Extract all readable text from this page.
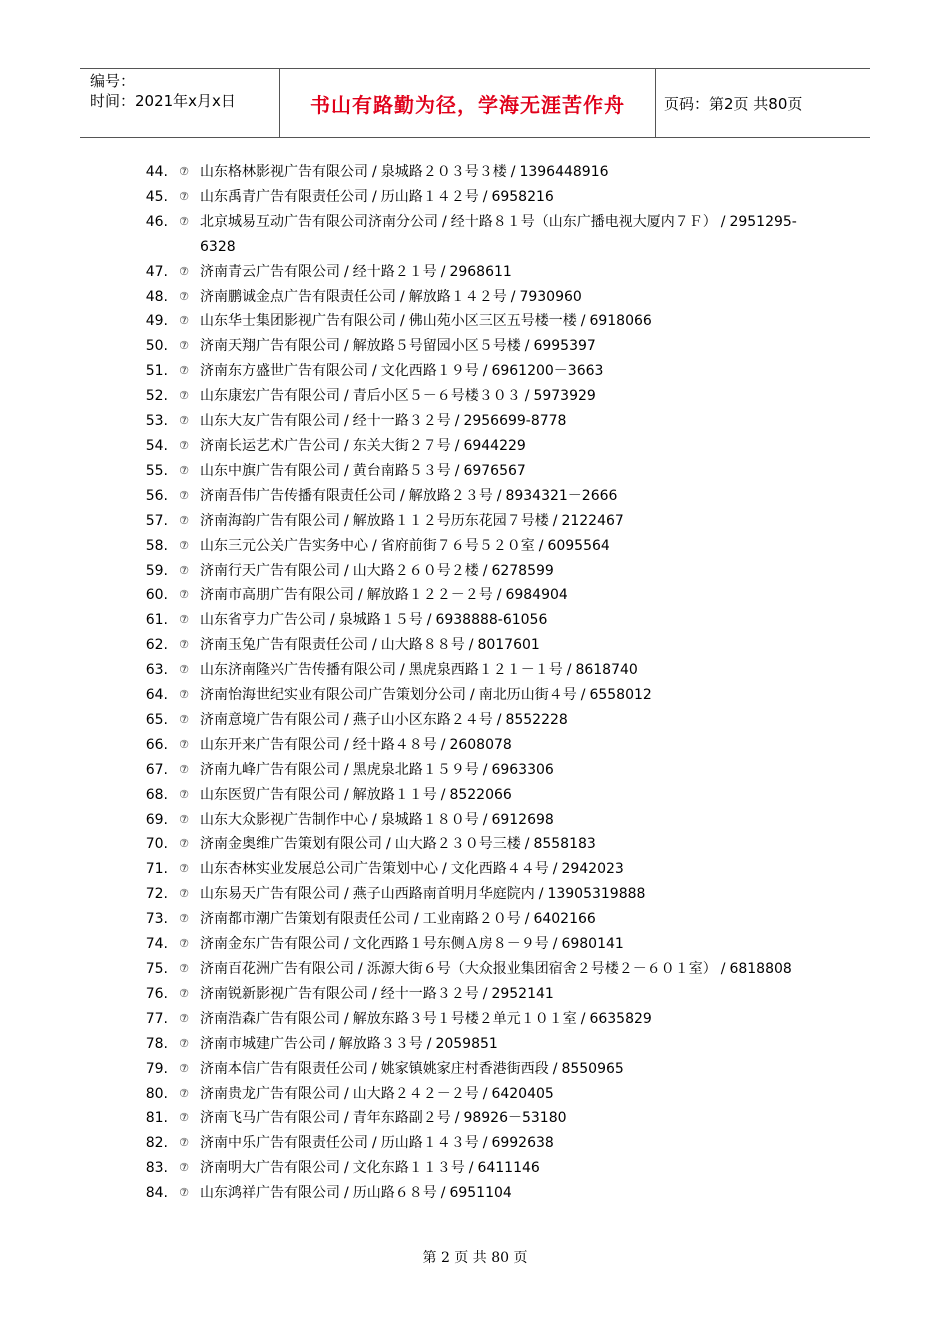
编号：
时间：2021年x月x日	书山有路勤为径，学海无涯苦作舟	页码：第2页 共80页
44.	⑦ 山东格林影视广告有限公司 / 泉城路２０３号３楼 / 1396448916
45.	⑦ 山东禹青广告有限责任公司 / 历山路１４２号 / 6958216
46.	⑦ 北京城易互动广告有限公司济南分公司 / 经十路８１号（山东广播电视大厦内７Ｆ） / 2951295-6328
47.	⑦ 济南青云广告有限公司 / 经十路２１号 / 2968611
48.	⑦ 济南鹏诚金点广告有限责任公司 / 解放路１４２号 / 7930960
49.	⑦ 山东华士集团影视广告有限公司 / 佛山苑小区三区五号楼一楼 / 6918066
50.	⑦ 济南天翔广告有限公司 / 解放路５号留园小区５号楼 / 6995397
51.	⑦ 济南东方盛世广告有限公司 / 文化西路１９号 / 6961200－3663
52.	⑦ 山东康宏广告有限公司 / 青后小区５－６号楼３０３ / 5973929
53.	⑦ 山东大友广告有限公司 / 经十一路３２号 / 2956699-8778
54.	⑦ 济南长运艺术广告公司 / 东关大街２７号 / 6944229
55.	⑦ 山东中旗广告有限公司 / 黄台南路５３号 / 6976567
56.	⑦ 济南吾伟广告传播有限责任公司 / 解放路２３号 / 8934321－2666
57.	⑦ 济南海韵广告有限公司 / 解放路１１２号历东花园７号楼 / 2122467
58.	⑦ 山东三元公关广告实务中心 / 省府前街７６号５２０室 / 6095564
59.	⑦ 济南行天广告有限公司 / 山大路２６０号２楼 / 6278599
60.	⑦ 济南市高朋广告有限公司 / 解放路１２２－２号 / 6984904
61.	⑦ 山东省亨力广告公司 / 泉城路１５号 / 6938888-61056
62.	⑦ 济南玉兔广告有限责任公司 / 山大路８８号 / 8017601
63.	⑦ 山东济南隆兴广告传播有限公司 / 黑虎泉西路１２１－１号 / 8618740
64.	⑦ 济南怡海世纪实业有限公司广告策划分公司 / 南北历山街４号 / 6558012
65.	⑦ 济南意境广告有限公司 / 燕子山小区东路２４号 / 8552228
66.	⑦ 山东开来广告有限公司 / 经十路４８号 / 2608078
67.	⑦ 济南九峰广告有限公司 / 黑虎泉北路１５９号 / 6963306
68.	⑦ 山东医贸广告有限公司 / 解放路１１号 / 8522066
69.	⑦ 山东大众影视广告制作中心 / 泉城路１８０号 / 6912698
70.	⑦ 济南金奥维广告策划有限公司 / 山大路２３０号三楼 / 8558183
71.	⑦ 山东杏林实业发展总公司广告策划中心 / 文化西路４４号 / 2942023
72.	⑦ 山东易天广告有限公司 / 燕子山西路南首明月华庭院内 / 13905319888
73.	⑦ 济南都市潮广告策划有限责任公司 / 工业南路２０号 / 6402166
74.	⑦ 济南金东广告有限公司 / 文化西路１号东侧Ａ房８－９号 / 6980141
75.	⑦ 济南百花洲广告有限公司 / 泺源大街６号（大众报业集团宿舍２号楼２－６０１室） / 6818808
76.	⑦ 济南锐新影视广告有限公司 / 经十一路３２号 / 2952141
77.	⑦ 济南浩森广告有限公司 / 解放东路３号１号楼２单元１０１室 / 6635829
78.	⑦ 济南市城建广告公司 / 解放路３３号 / 2059851
79.	⑦ 济南本信广告有限责任公司 / 姚家镇姚家庄村香港街西段 / 8550965
80.	⑦ 济南贵龙广告有限公司 / 山大路２４２－２号 / 6420405
81.	⑦ 济南飞马广告有限公司 / 青年东路副２号 / 98926－53180
82.	⑦ 济南中乐广告有限责任公司 / 历山路１４３号 / 6992638
83.	⑦ 济南明大广告有限公司 / 文化东路１１３号 / 6411146
84.	⑦ 山东鸿祥广告有限公司 / 历山路６８号 / 6951104
第 2 页 共 80 页
